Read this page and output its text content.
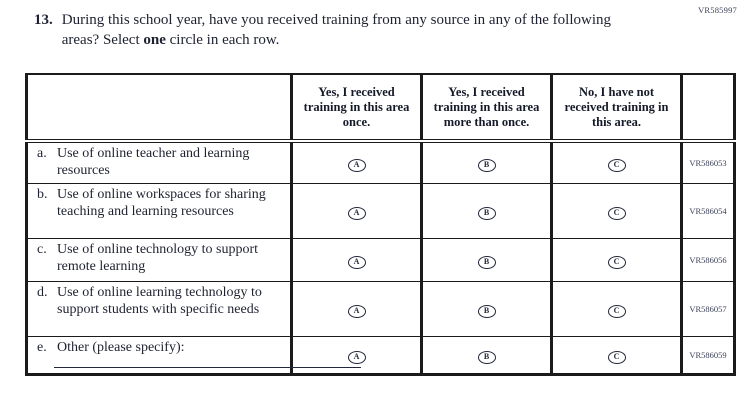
VR585997
13. During this school year, have you received training from any source in any of the following areas? Select one circle in each row.

	Yes, I received training in this area once.	Yes, I received training in this area more than once.	No, I have not received training in this area.	

a. Use of online teacher and learning resources	A	B	C	VR586053

b. Use of online workspaces for sharing teaching and learning resources	A	B	C	VR586054

c. Use of online technology to support remote learning	A	B	C	VR586056

d. Use of online learning technology to support students with specific needs	A	B	C	VR586057

e. Other (please specify):	A	B	C	VR586059
